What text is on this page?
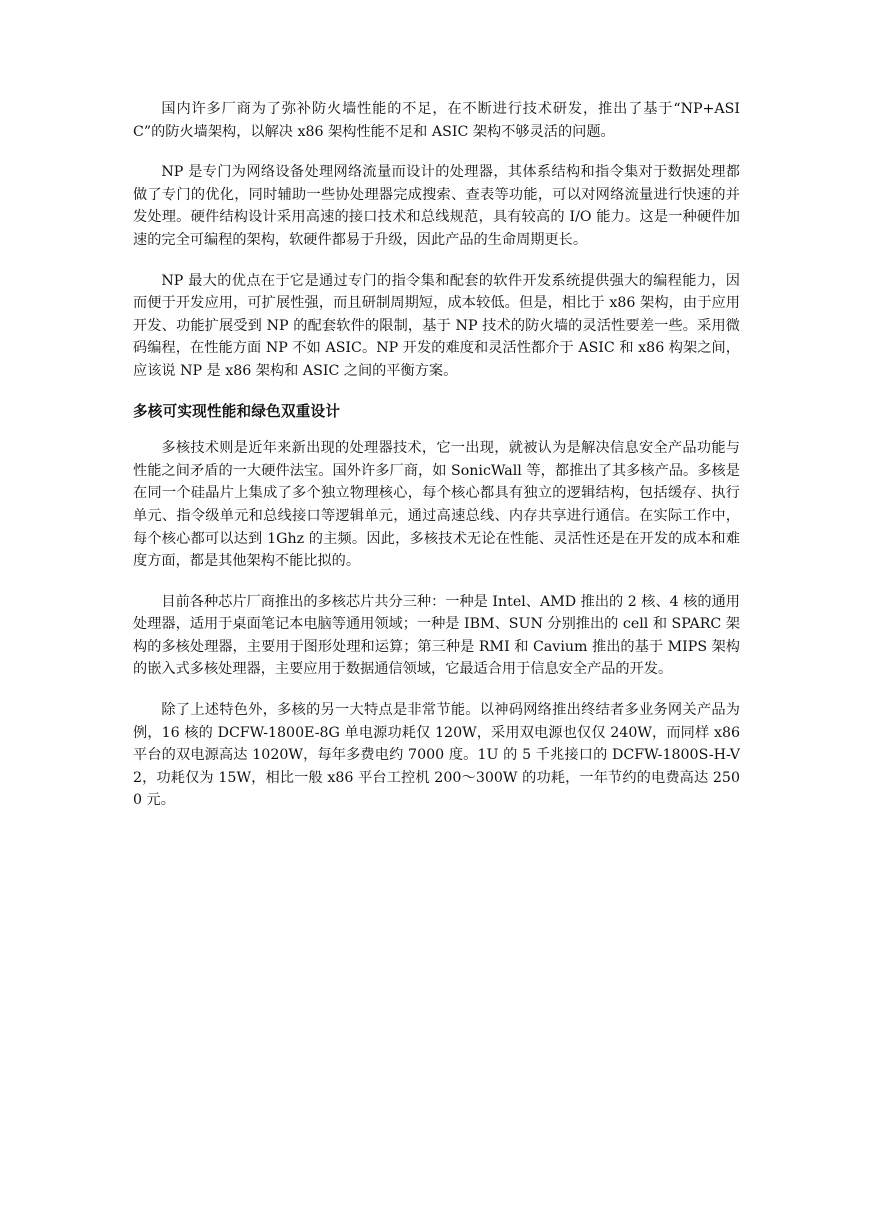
国内许多厂商为了弥补防火墙性能的不足，在不断进行技术研发，推出了基于“NP+ASIC”的防火墙架构，以解决 x86 架构性能不足和 ASIC 架构不够灵活的问题。

NP 是专门为网络设备处理网络流量而设计的处理器，其体系结构和指令集对于数据处理都做了专门的优化，同时辅助一些协处理器完成搜索、查表等功能，可以对网络流量进行快速的并发处理。硬件结构设计采用高速的接口技术和总线规范，具有较高的 I/O 能力。这是一种硬件加速的完全可编程的架构，软硬件都易于升级，因此产品的生命周期更长。

NP 最大的优点在于它是通过专门的指令集和配套的软件开发系统提供强大的编程能力，因而便于开发应用，可扩展性强，而且研制周期短，成本较低。但是，相比于 x86 架构，由于应用开发、功能扩展受到 NP 的配套软件的限制，基于 NP 技术的防火墙的灵活性要差一些。采用微码编程，在性能方面 NP 不如 ASIC。NP 开发的难度和灵活性都介于 ASIC 和 x86 构架之间，应该说 NP 是 x86 架构和 ASIC 之间的平衡方案。

多核可实现性能和绿色双重设计

多核技术则是近年来新出现的处理器技术，它一出现，就被认为是解决信息安全产品功能与性能之间矛盾的一大硬件法宝。国外许多厂商，如 SonicWall 等，都推出了其多核产品。多核是在同一个硅晶片上集成了多个独立物理核心，每个核心都具有独立的逻辑结构，包括缓存、执行单元、指令级单元和总线接口等逻辑单元，通过高速总线、内存共享进行通信。在实际工作中，每个核心都可以达到 1Ghz 的主频。因此，多核技术无论在性能、灵活性还是在开发的成本和难度方面，都是其他架构不能比拟的。

目前各种芯片厂商推出的多核芯片共分三种：一种是 Intel、AMD 推出的 2 核、4 核的通用处理器，适用于桌面笔记本电脑等通用领域；一种是 IBM、SUN 分别推出的 cell 和 SPARC 架构的多核处理器，主要用于图形处理和运算；第三种是 RMI 和 Cavium 推出的基于 MIPS 架构的嵌入式多核处理器，主要应用于数据通信领域，它最适合用于信息安全产品的开发。

除了上述特色外，多核的另一大特点是非常节能。以神码网络推出终结者多业务网关产品为例，16 核的 DCFW-1800E-8G 单电源功耗仅 120W，采用双电源也仅仅 240W，而同样 x86 平台的双电源高达 1020W，每年多费电约 7000 度。1U 的 5 千兆接口的 DCFW-1800S-H-V2，功耗仅为 15W，相比一般 x86 平台工控机 200～300W 的功耗，一年节约的电费高达 2500 元。
